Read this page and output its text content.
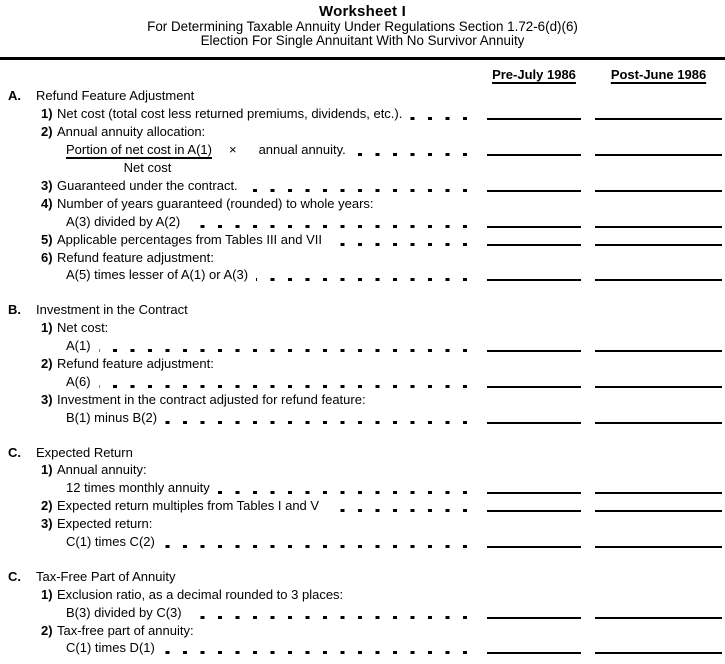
Worksheet I
For Determining Taxable Annuity Under Regulations Section 1.72-6(d)(6)
Election For Single Annuitant With No Survivor Annuity
Pre-July 1986	Post-June 1986
A.	Refund Feature Adjustment
1) Net cost (total cost less returned premiums, dividends, etc.).
2) Annual annuity allocation:
Portion of net cost in A(1) × annual annuity.
Net cost
3) Guaranteed under the contract.
4) Number of years guaranteed (rounded) to whole years:
A(3) divided by A(2)
5) Applicable percentages from Tables III and VII
6) Refund feature adjustment:
A(5) times lesser of A(1) or A(3)
B.	Investment in the Contract
1) Net cost:
A(1)
2) Refund feature adjustment:
A(6)
3) Investment in the contract adjusted for refund feature:
B(1) minus B(2)
C.	Expected Return
1) Annual annuity:
12 times monthly annuity
2) Expected return multiples from Tables I and V
3) Expected return:
C(1) times C(2)
C.	Tax-Free Part of Annuity
1) Exclusion ratio, as a decimal rounded to 3 places:
B(3) divided by C(3)
2) Tax-free part of annuity:
C(1) times D(1)
